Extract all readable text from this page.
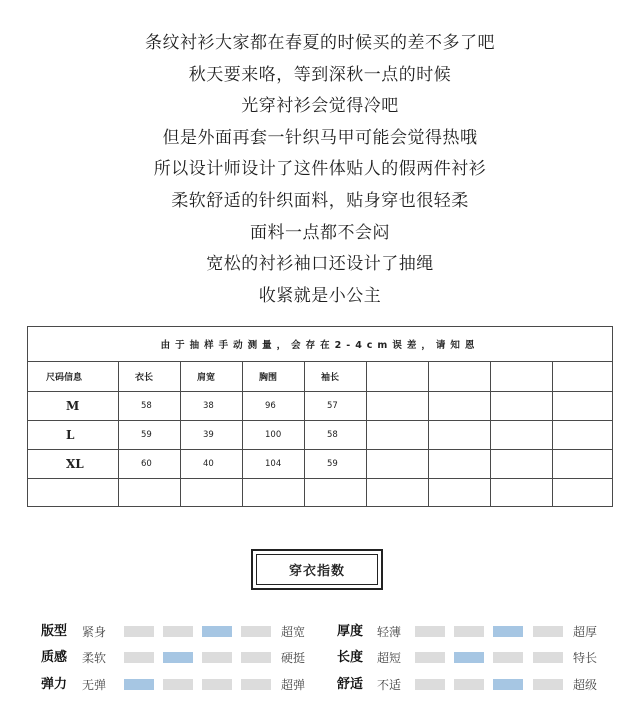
条纹衬衫大家都在春夏的时候买的差不多了吧
秋天要来咯，等到深秋一点的时候
光穿衬衫会觉得冷吧
但是外面再套一针织马甲可能会觉得热哦
所以设计师设计了这件体贴人的假两件衬衫
柔软舒适的针织面料，贴身穿也很轻柔
面料一点都不会闷
宽松的衬衫袖口还设计了抽绳
收紧就是小公主
由于抽样手动测量，会存在2-4cm误差，请知恩								
尺码信息	衣长	肩宽	胸围	袖长				
M	58	38	96	57				
L	59	39	100	58				
XL	60	40	104	59				

穿衣指数
版型 紧身	超宽
质感 柔软	硬挺
弹力 无弹	超弹
厚度 轻薄	超厚
长度 超短	特长
舒适 不适	超级
